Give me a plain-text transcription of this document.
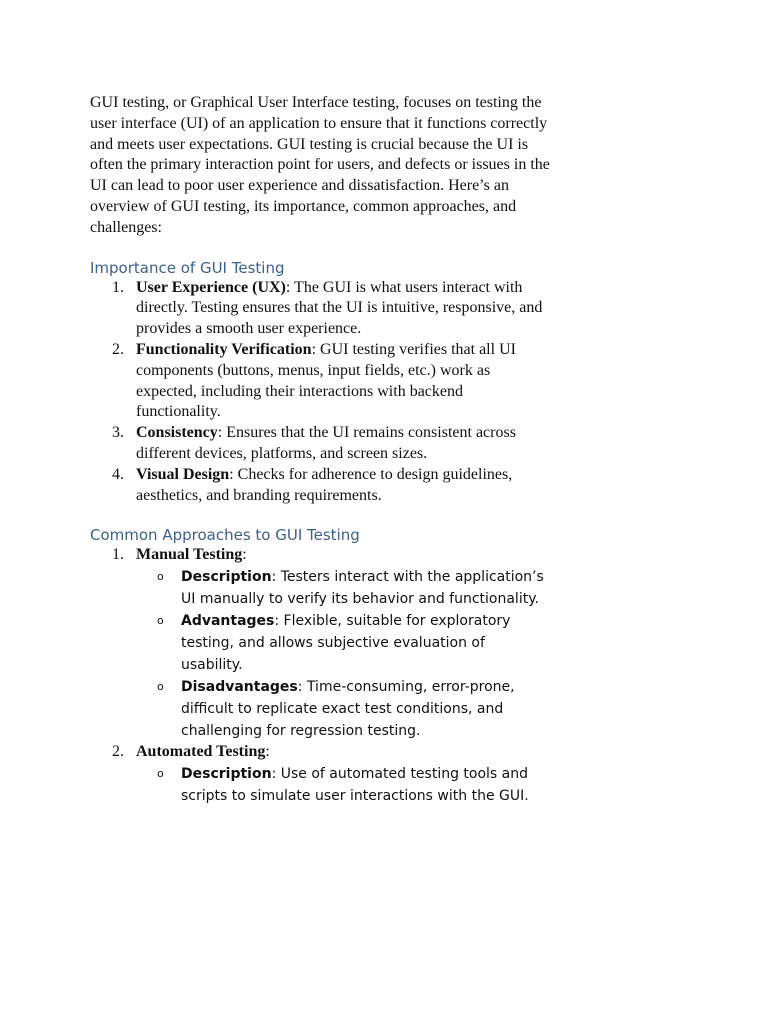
GUI testing, or Graphical User Interface testing, focuses on testing the user interface (UI) of an application to ensure that it functions correctly and meets user expectations. GUI testing is crucial because the UI is often the primary interaction point for users, and defects or issues in the UI can lead to poor user experience and dissatisfaction. Here’s an overview of GUI testing, its importance, common approaches, and challenges:

Importance of GUI Testing
1. User Experience (UX): The GUI is what users interact with directly. Testing ensures that the UI is intuitive, responsive, and provides a smooth user experience.
2. Functionality Verification: GUI testing verifies that all UI components (buttons, menus, input fields, etc.) work as expected, including their interactions with backend functionality.
3. Consistency: Ensures that the UI remains consistent across different devices, platforms, and screen sizes.
4. Visual Design: Checks for adherence to design guidelines, aesthetics, and branding requirements.
Common Approaches to GUI Testing
1. Manual Testing:
o Description: Testers interact with the application’s UI manually to verify its behavior and functionality.
o Advantages: Flexible, suitable for exploratory testing, and allows subjective evaluation of usability.
o Disadvantages: Time-consuming, error-prone, difficult to replicate exact test conditions, and challenging for regression testing.
2. Automated Testing:
o Description: Use of automated testing tools and scripts to simulate user interactions with the GUI.
